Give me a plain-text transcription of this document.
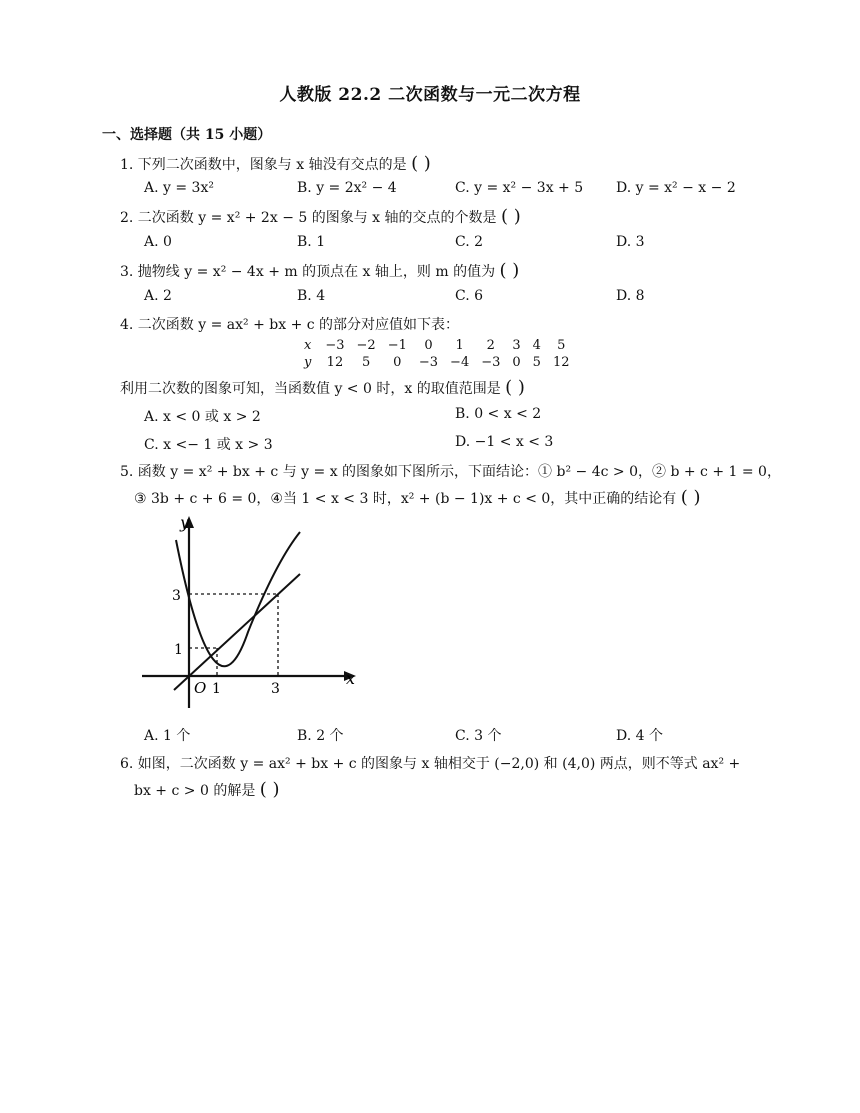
人教版 22.2 二次函数与一元二次方程
一、选择题（共 15 小题）
1. 下列二次函数中，图象与 x 轴没有交点的是 ( )
A. y = 3x²	B. y = 2x² − 4	C. y = x² − 3x + 5 D. y = x² − x − 2
2. 二次函数 y = x² + 2x − 5 的图象与 x 轴的交点的个数是 ( )
A. 0	B. 1	C. 2	D. 3
3. 抛物线 y = x² − 4x + m 的顶点在 x 轴上，则 m 的值为 ( )
A. 2	B. 4	C. 6	D. 8
4. 二次函数 y = ax² + bx + c 的部分对应值如下表：
x	−3	−2	−1	0	1	2	3	4	5
y	12	5	0	−3	−4	−3	0	5	12
利用二次数的图象可知，当函数值 y < 0 时，x 的取值范围是 ( )
A. x < 0 或 x > 2	B. 0 < x < 2
C. x <− 1 或 x > 3	D. −1 < x < 3
5. 函数 y = x² + bx + c 与 y = x 的图象如下图所示，下面结论：① b² − 4c > 0，② b + c + 1 = 0，
③ 3b + c + 6 = 0，④当 1 < x < 3 时，x² + (b − 1)x + c < 0，其中正确的结论有 ( )
y
x
3
1
O 1	3
A. 1 个	B. 2 个	C. 3 个	D. 4 个
6. 如图，二次函数 y = ax² + bx + c 的图象与 x 轴相交于 (−2,0) 和 (4,0) 两点，则不等式 ax² +
bx + c > 0 的解是 ( )
